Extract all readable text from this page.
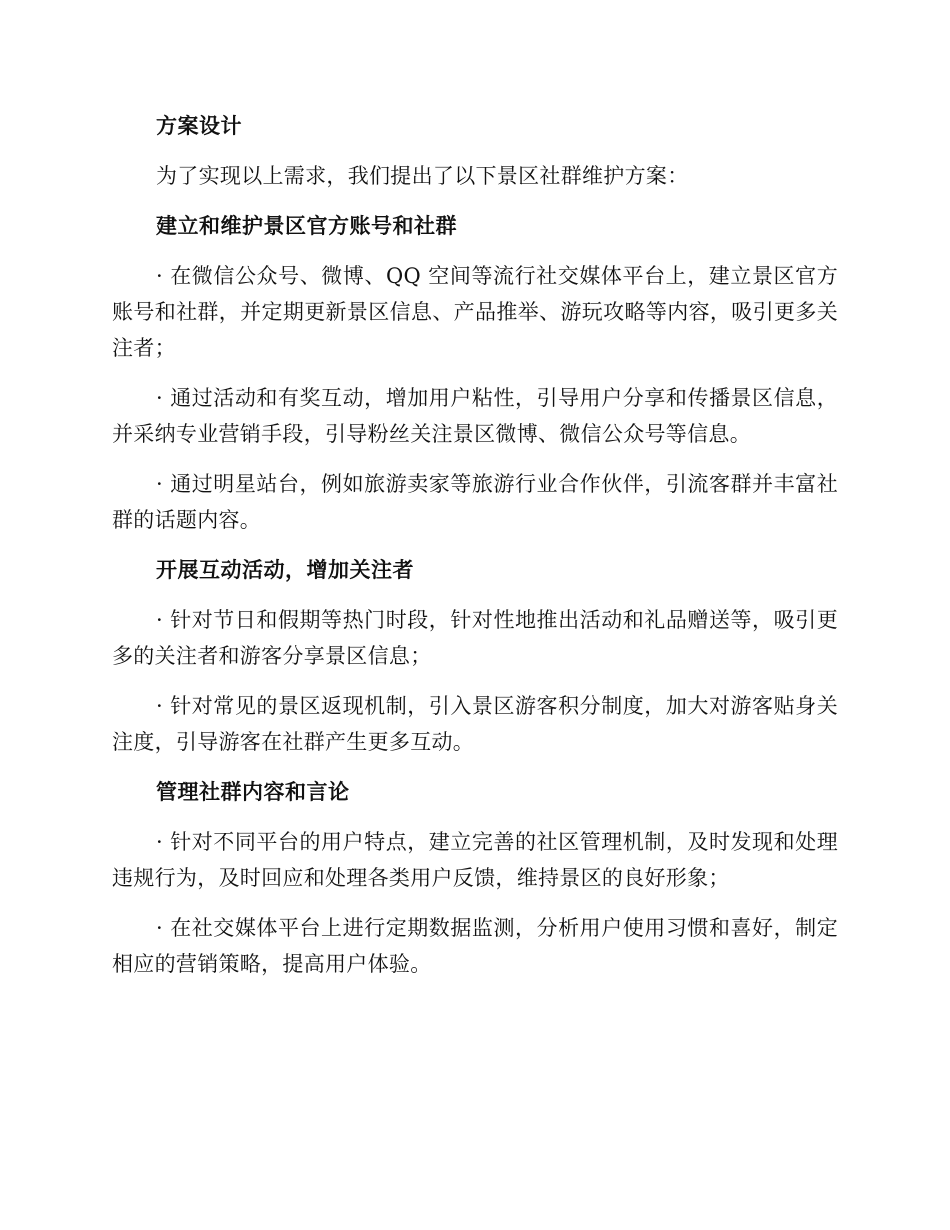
方案设计

为了实现以上需求，我们提出了以下景区社群维护方案：

建立和维护景区官方账号和社群

· 在微信公众号、微博、QQ 空间等流行社交媒体平台上，建立景区官方账号和社群，并定期更新景区信息、产品推举、游玩攻略等内容，吸引更多关注者；

· 通过活动和有奖互动，增加用户粘性，引导用户分享和传播景区信息，并采纳专业营销手段，引导粉丝关注景区微博、微信公众号等信息。

· 通过明星站台，例如旅游卖家等旅游行业合作伙伴，引流客群并丰富社群的话题内容。

开展互动活动，增加关注者

· 针对节日和假期等热门时段，针对性地推出活动和礼品赠送等，吸引更多的关注者和游客分享景区信息；

· 针对常见的景区返现机制，引入景区游客积分制度，加大对游客贴身关注度，引导游客在社群产生更多互动。

管理社群内容和言论

· 针对不同平台的用户特点，建立完善的社区管理机制，及时发现和处理违规行为，及时回应和处理各类用户反馈，维持景区的良好形象；

· 在社交媒体平台上进行定期数据监测，分析用户使用习惯和喜好，制定相应的营销策略，提高用户体验。
